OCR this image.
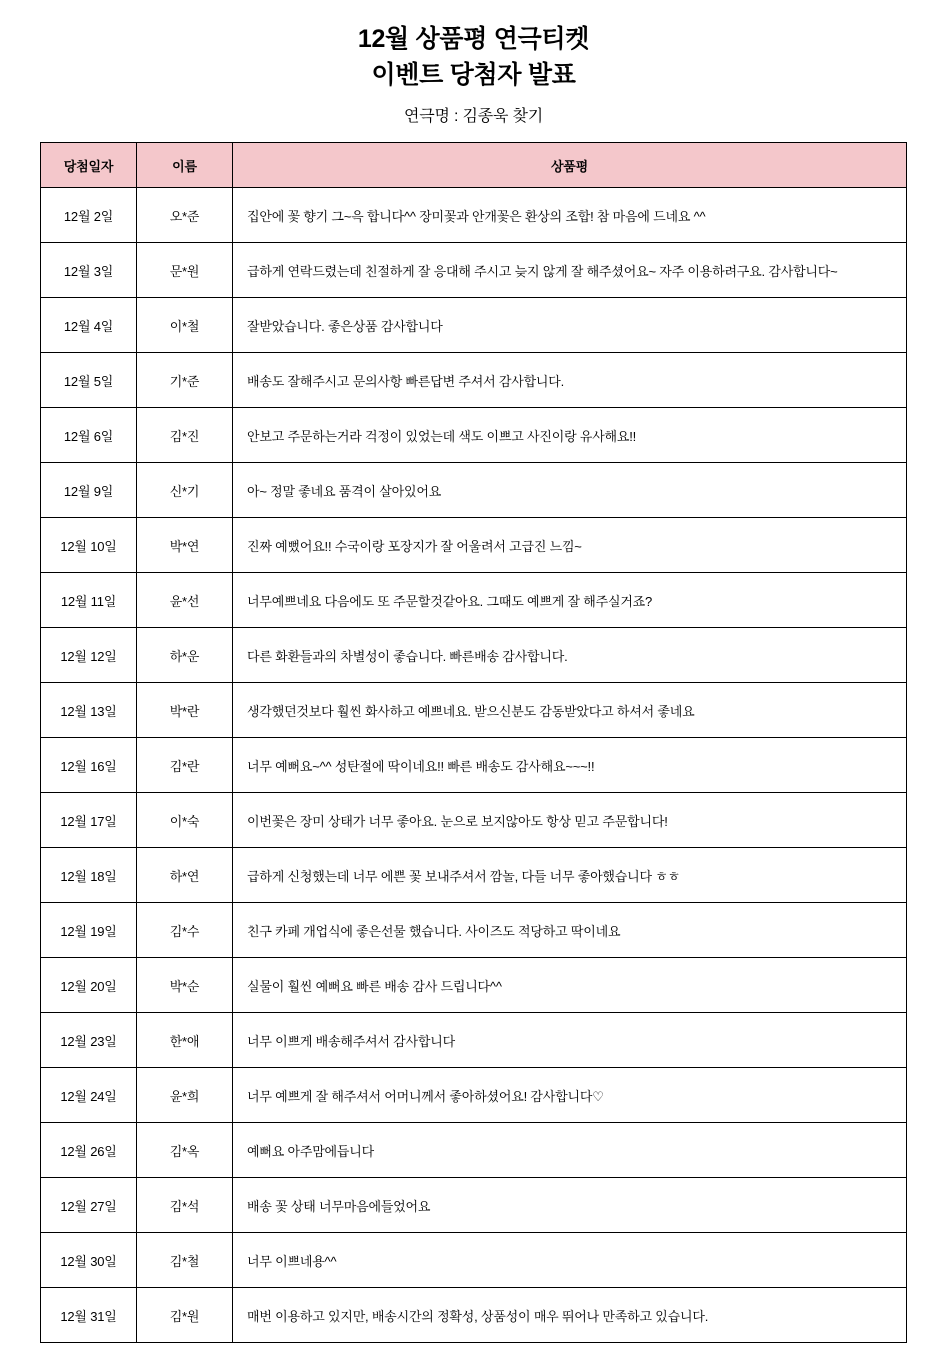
12월 상품평 연극티켓
이벤트 당첨자 발표
연극명 : 김종욱 찾기
당첨일자	이름	상품평
12월 2일	오*준	집안에 꽃 향기 그~윽 합니다^^ 장미꽃과 안개꽃은 환상의 조합! 참 마음에 드네요 ^^
12월 3일	문*원	급하게 연락드렸는데 친절하게 잘 응대해 주시고 늦지 않게 잘 해주셨어요~ 자주 이용하려구요. 감사합니다~
12월 4일	이*철	잘받았습니다. 좋은상품 감사합니다
12월 5일	기*준	배송도 잘해주시고 문의사항 빠른답변 주셔서 감사합니다.
12월 6일	김*진	안보고 주문하는거라 걱정이 있었는데 색도 이쁘고 사진이랑 유사해요!!
12월 9일	신*기	아~ 정말 좋네요 품격이 살아있어요
12월 10일	박*연	진짜 예뻤어요!! 수국이랑 포장지가 잘 어울려서 고급진 느낌~
12월 11일	윤*선	너무예쁘네요 다음에도 또 주문할것같아요. 그때도 예쁘게 잘 해주실거죠?
12월 12일	하*운	다른 화환들과의 차별성이 좋습니다. 빠른배송 감사합니다.
12월 13일	박*란	생각했던것보다 훨씬 화사하고 예쁘네요. 받으신분도 감동받았다고 하셔서 좋네요
12월 16일	김*란	너무 예뻐요~^^ 성탄절에 딱이네요!! 빠른 배송도 감사해요~~~!!
12월 17일	이*숙	이번꽃은 장미 상태가 너무 좋아요. 눈으로 보지않아도 항상 믿고 주문합니다!
12월 18일	하*연	급하게 신청했는데 너무 에쁜 꽃 보내주셔서 깜놀, 다들 너무 좋아했습니다 ㅎㅎ
12월 19일	김*수	친구 카페 개업식에 좋은선물 했습니다. 사이즈도 적당하고 딱이네요
12월 20일	박*순	실물이 훨씬 예뻐요 빠른 배송 감사 드립니다^^
12월 23일	한*애	너무 이쁘게 배송해주셔서 감사합니다
12월 24일	윤*희	너무 예쁘게 잘 해주셔서 어머니께서 좋아하셨어요! 감사합니다♡
12월 26일	김*옥	예뻐요 아주맘에듭니다
12월 27일	김*석	배송 꽃 상태 너무마음에들었어요
12월 30일	김*철	너무 이쁘네용^^
12월 31일	김*원	매번 이용하고 있지만, 배송시간의 정확성, 상품성이 매우 뛰어나 만족하고 있습니다.
